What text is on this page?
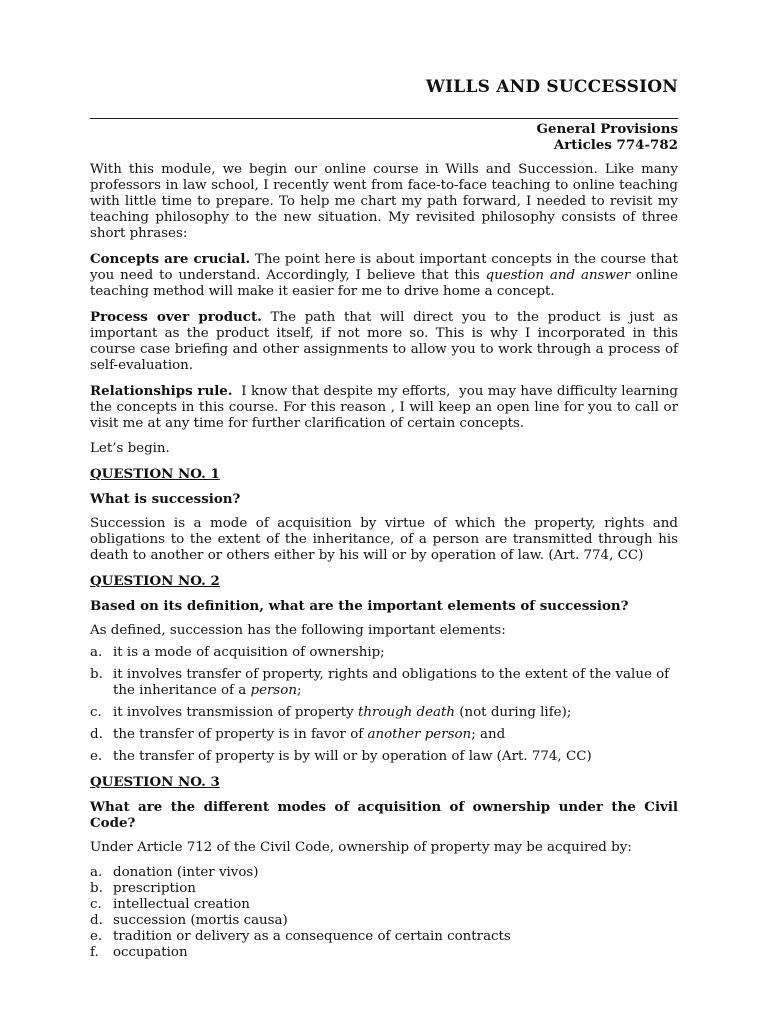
WILLS AND SUCCESSION
General Provisions
Articles 774-782

With this module, we begin our online course in Wills and Succession. Like many professors in law school, I recently went from face-to-face teaching to online teaching with little time to prepare. To help me chart my path forward, I needed to revisit my teaching philosophy to the new situation. My revisited philosophy consists of three short phrases:

Concepts are crucial. The point here is about important concepts in the course that you need to understand. Accordingly, I believe that this question and answer online teaching method will make it easier for me to drive home a concept.

Process over product. The path that will direct you to the product is just as important as the product itself, if not more so. This is why I incorporated in this course case briefing and other assignments to allow you to work through a process of self-evaluation.

Relationships rule.  I know that despite my efforts,  you may have difficulty learning the concepts in this course. For this reason , I will keep an open line for you to call or visit me at any time for further clarification of certain concepts.

Let’s begin.

QUESTION NO. 1

What is succession?

Succession is a mode of acquisition by virtue of which the property, rights and obligations to the extent of the inheritance, of a person are transmitted through his death to another or others either by his will or by operation of law. (Art. 774, CC)

QUESTION NO. 2

Based on its definition, what are the important elements of succession?

As defined, succession has the following important elements:

a. it is a mode of acquisition of ownership;
b. it involves transfer of property, rights and obligations to the extent of the value of the inheritance of a person;
c. it involves transmission of property through death (not during life);
d. the transfer of property is in favor of another person; and
e. the transfer of property is by will or by operation of law (Art. 774, CC)

QUESTION NO. 3

What are the different modes of acquisition of ownership under the Civil Code?

Under Article 712 of the Civil Code, ownership of property may be acquired by:

a. donation (inter vivos)
b. prescription
c. intellectual creation
d. succession (mortis causa)
e. tradition or delivery as a consequence of certain contracts
f. occupation
